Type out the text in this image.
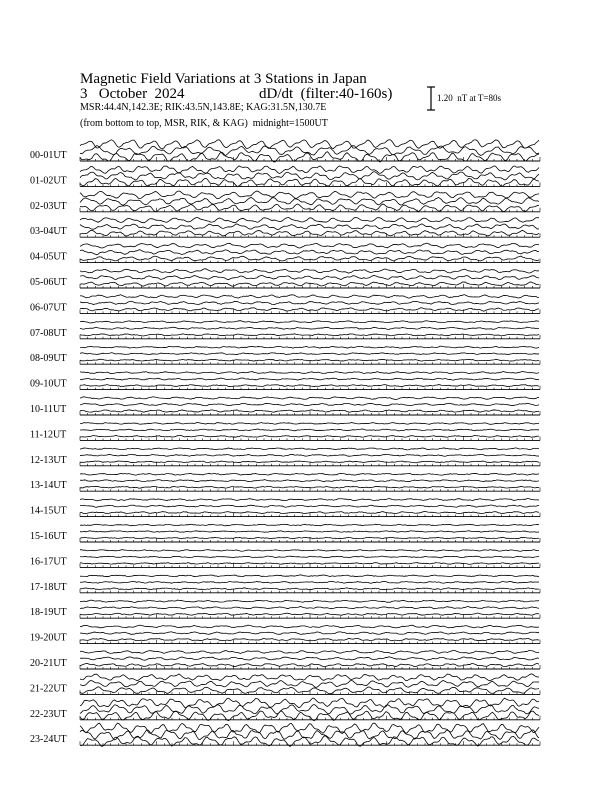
Magnetic Field Variations at 3 Stations in Japan
3   October  2024	dD/dt  (filter:40-160s)
MSR:44.4N,142.3E; RIK:43.5N,143.8E; KAG:31.5N,130.7E
(from bottom to top, MSR, RIK, & KAG)  midnight=1500UT
1.20  nT at T=80s
00-01UT
01-02UT
02-03UT
03-04UT
04-05UT
05-06UT
06-07UT
07-08UT
08-09UT
09-10UT
10-11UT
11-12UT
12-13UT
13-14UT
14-15UT
15-16UT
16-17UT
17-18UT
18-19UT
19-20UT
20-21UT
21-22UT
22-23UT
23-24UT
